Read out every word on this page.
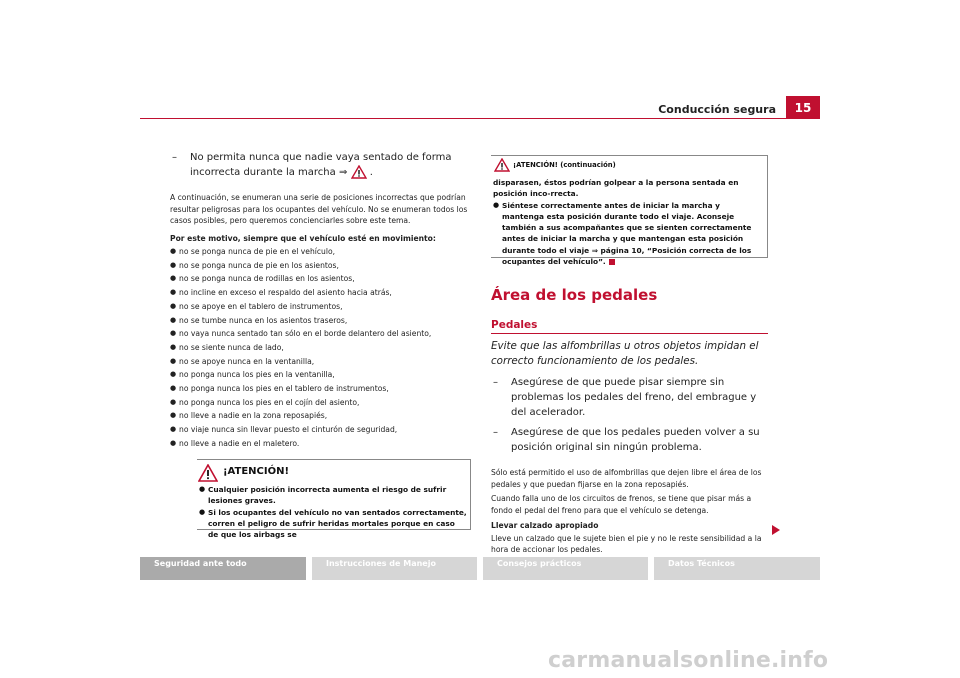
Conducción segura	15
– No permita nunca que nadie vaya sentado de forma incorrecta durante la marcha ⇒ .

A continuación, se enumeran una serie de posiciones incorrectas que podrían resultar peligrosas para los ocupantes del vehículo. No se enumeran todos los casos posibles, pero queremos concienciarles sobre este tema.

Por este motivo, siempre que el vehículo esté en movimiento:

● no se ponga nunca de pie en el vehículo,
● no se ponga nunca de pie en los asientos,
● no se ponga nunca de rodillas en los asientos,
● no incline en exceso el respaldo del asiento hacia atrás,
● no se apoye en el tablero de instrumentos,
● no se tumbe nunca en los asientos traseros,
● no vaya nunca sentado tan sólo en el borde delantero del asiento,
● no se siente nunca de lado,
● no se apoye nunca en la ventanilla,
● no ponga nunca los pies en la ventanilla,
● no ponga nunca los pies en el tablero de instrumentos,
● no ponga nunca los pies en el cojín del asiento,
● no lleve a nadie en la zona reposapiés,
● no viaje nunca sin llevar puesto el cinturón de seguridad,
● no lleve a nadie en el maletero.
¡ATENCIÓN!
● Cualquier posición incorrecta aumenta el riesgo de sufrir lesiones graves.
● Si los ocupantes del vehículo no van sentados correctamente, corren el peligro de sufrir heridas mortales porque en caso de que los airbags se
¡ATENCIÓN! (continuación)
disparasen, éstos podrían golpear a la persona sentada en posición inco-rrecta.
● Siéntese correctamente antes de iniciar la marcha y mantenga esta posición durante todo el viaje. Aconseje también a sus acompañantes que se sienten correctamente antes de iniciar la marcha y que mantengan esta posición durante todo el viaje ⇒ página 10, “Posición correcta de los ocupantes del vehículo”.
Área de los pedales
Pedales
Evite que las alfombrillas u otros objetos impidan el correcto funcionamiento de los pedales.
– Asegúrese de que puede pisar siempre sin problemas los pedales del freno, del embrague y del acelerador.
– Asegúrese de que los pedales pueden volver a su posición original sin ningún problema.

Sólo está permitido el uso de alfombrillas que dejen libre el área de los pedales y que puedan fijarse en la zona reposapiés.

Cuando falla uno de los circuitos de frenos, se tiene que pisar más a fondo el pedal del freno para que el vehículo se detenga.

Llevar calzado apropiado

Lleve un calzado que le sujete bien el pie y no le reste sensibilidad a la hora de accionar los pedales.

Seguridad ante todo	Instrucciones de Manejo	Consejos prácticos	Datos Técnicos
carmanualsonline.info
